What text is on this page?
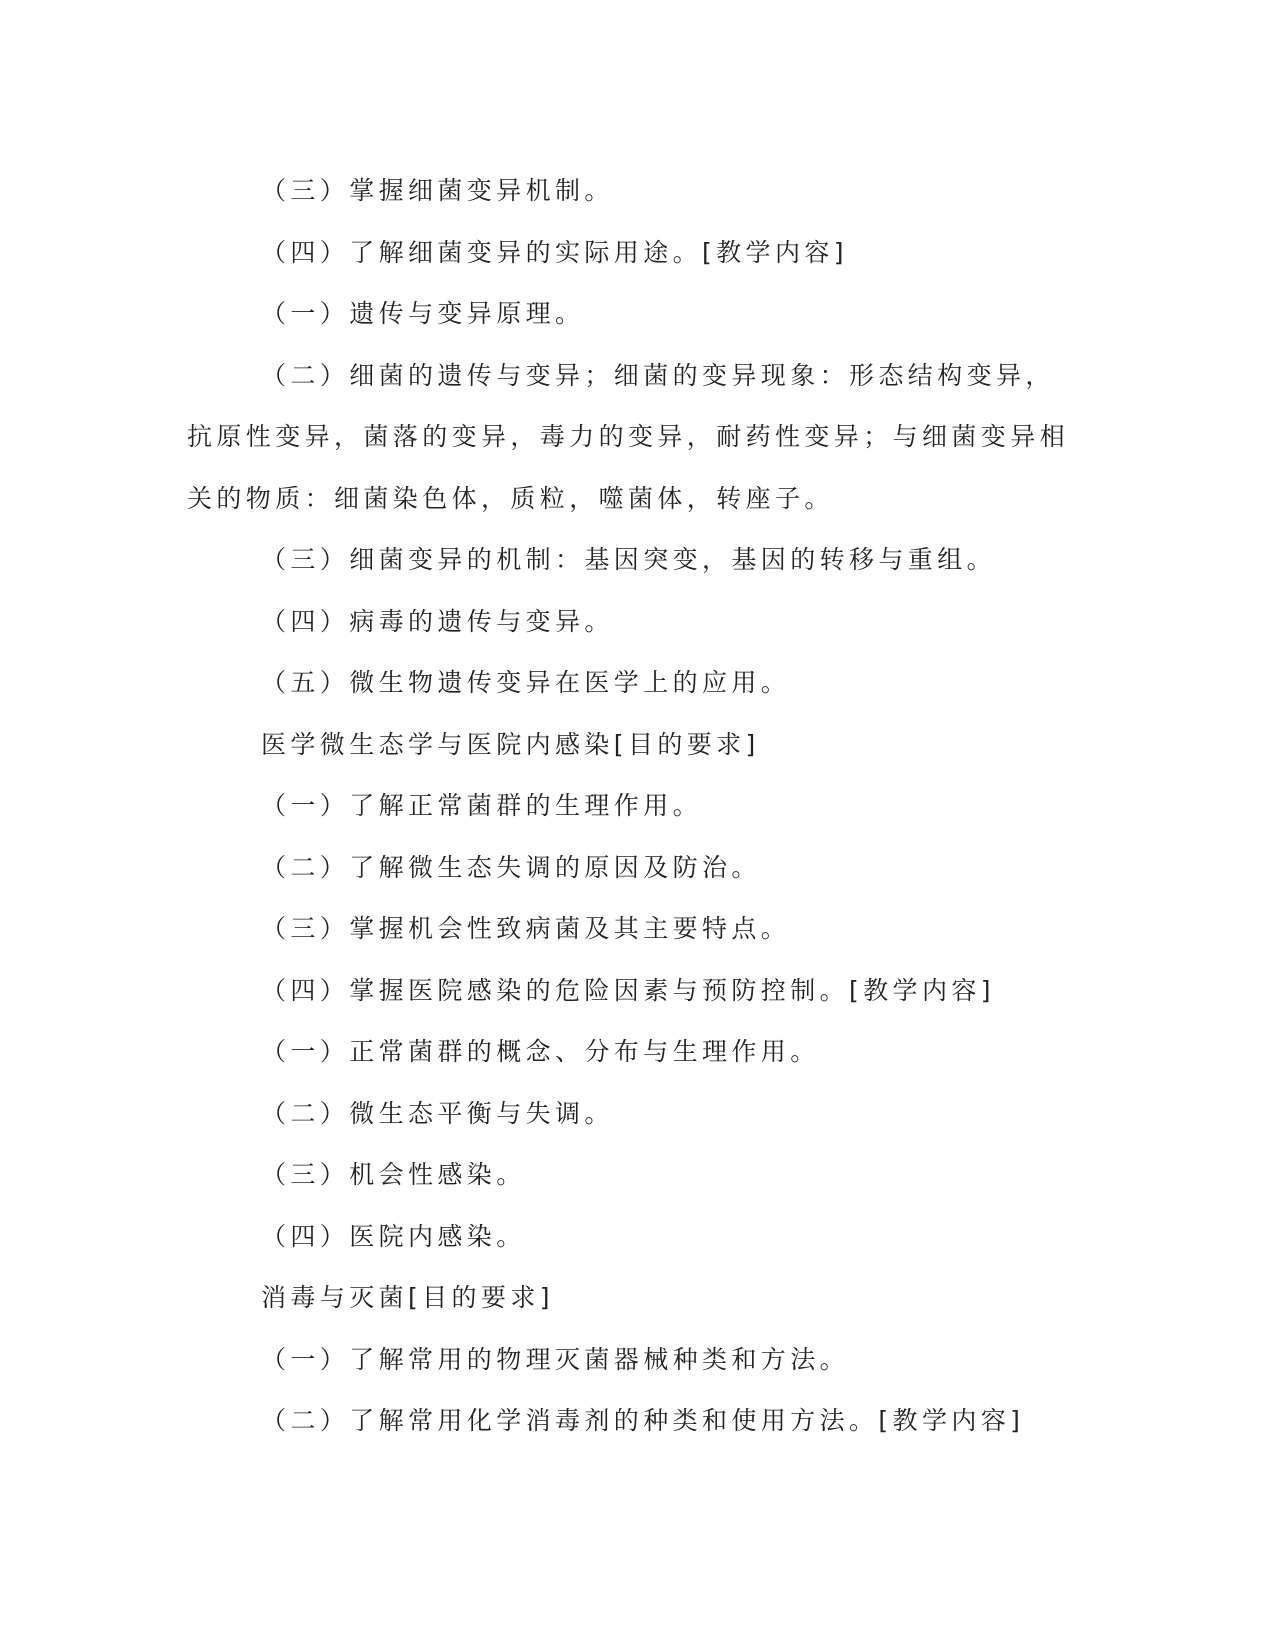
（三）掌握细菌变异机制。

（四）了解细菌变异的实际用途。[教学内容]

（一）遗传与变异原理。

（二）细菌的遗传与变异；细菌的变异现象：形态结构变异，抗原性变异，菌落的变异，毒力的变异，耐药性变异；与细菌变异相关的物质：细菌染色体，质粒，噬菌体，转座子。

（三）细菌变异的机制：基因突变，基因的转移与重组。

（四）病毒的遗传与变异。

（五）微生物遗传变异在医学上的应用。

医学微生态学与医院内感染[目的要求]

（一）了解正常菌群的生理作用。

（二）了解微生态失调的原因及防治。

（三）掌握机会性致病菌及其主要特点。

（四）掌握医院感染的危险因素与预防控制。[教学内容]

（一）正常菌群的概念、分布与生理作用。

（二）微生态平衡与失调。

（三）机会性感染。

（四）医院内感染。

消毒与灭菌[目的要求]

（一）了解常用的物理灭菌器械种类和方法。

（二）了解常用化学消毒剂的种类和使用方法。[教学内容]
